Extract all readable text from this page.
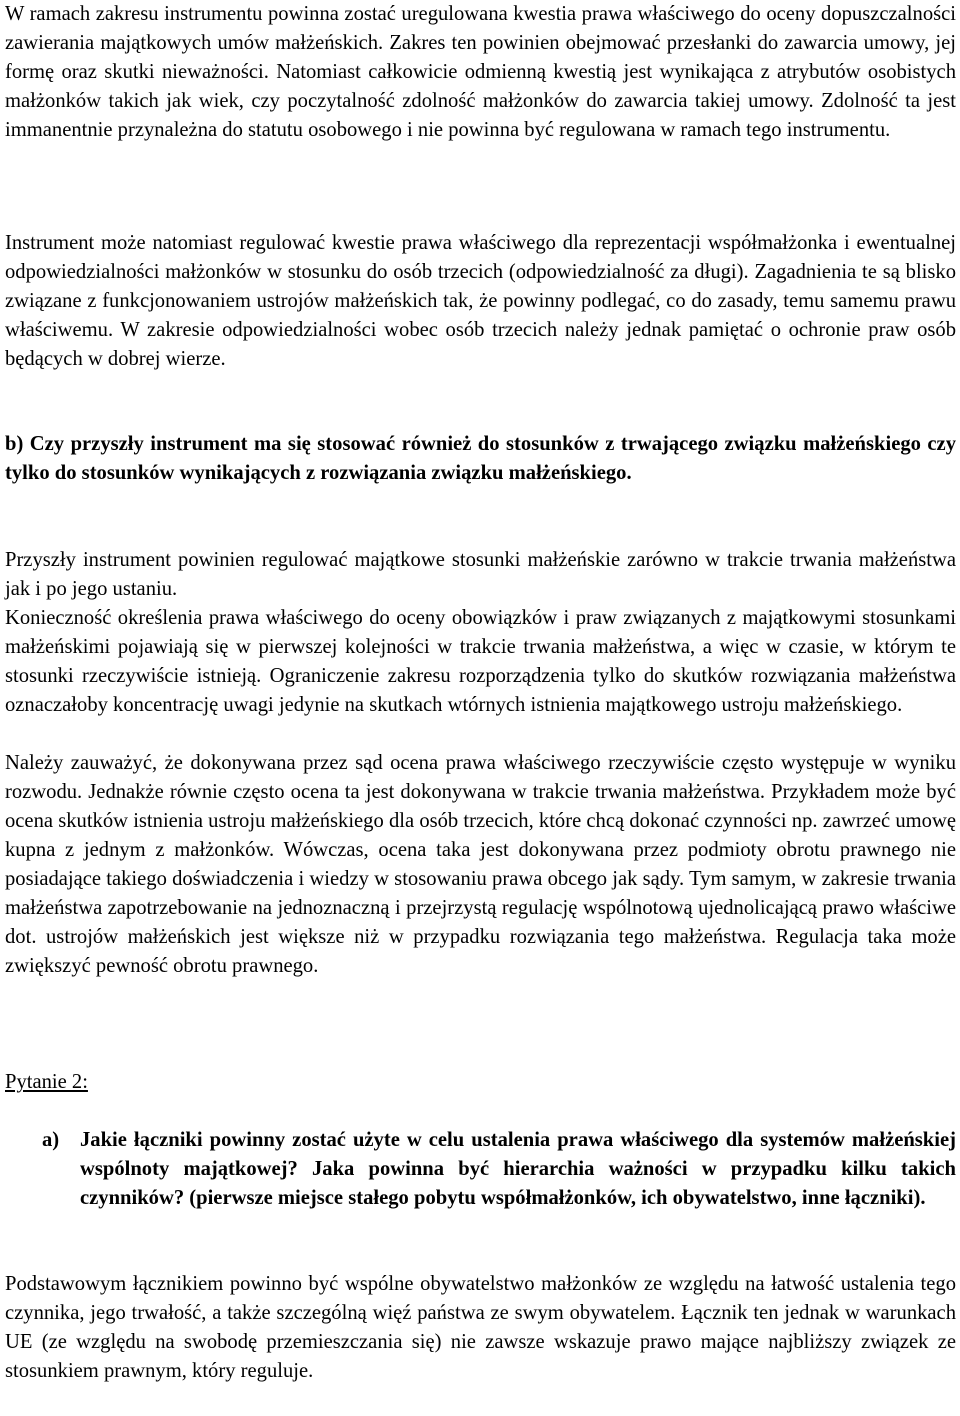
W ramach zakresu instrumentu powinna zostać uregulowana kwestia prawa właściwego do oceny dopuszczalności zawierania majątkowych umów małżeńskich. Zakres ten powinien obejmować przesłanki do zawarcia umowy, jej formę oraz skutki nieważności. Natomiast całkowicie odmienną kwestią jest wynikająca z atrybutów osobistych małżonków takich jak wiek, czy poczytalność zdolność małżonków do zawarcia takiej umowy. Zdolność ta jest immanentnie przynależna do statutu osobowego i nie powinna być regulowana w ramach tego instrumentu.

Instrument może natomiast regulować kwestie prawa właściwego dla reprezentacji współmałżonka i ewentualnej odpowiedzialności małżonków w stosunku do osób trzecich (odpowiedzialność za długi). Zagadnienia te są blisko związane z funkcjonowaniem ustrojów małżeńskich tak, że powinny podlegać, co do zasady, temu samemu prawu właściwemu. W zakresie odpowiedzialności wobec osób trzecich należy jednak pamiętać o ochronie praw osób będących w dobrej wierze.

b) Czy przyszły instrument ma się stosować również do stosunków z trwającego związku małżeńskiego czy tylko do stosunków wynikających z rozwiązania związku małżeńskiego.

Przyszły instrument powinien regulować majątkowe stosunki małżeńskie zarówno w trakcie trwania małżeństwa jak i po jego ustaniu.

Konieczność określenia prawa właściwego do oceny obowiązków i praw związanych z majątkowymi stosunkami małżeńskimi pojawiają się w pierwszej kolejności w trakcie trwania małżeństwa, a więc w czasie, w którym te stosunki rzeczywiście istnieją. Ograniczenie zakresu rozporządzenia tylko do skutków rozwiązania małżeństwa oznaczałoby koncentrację uwagi jedynie na skutkach wtórnych istnienia majątkowego ustroju małżeńskiego.

Należy zauważyć, że dokonywana przez sąd ocena prawa właściwego rzeczywiście często występuje w wyniku rozwodu. Jednakże równie często ocena ta jest dokonywana w trakcie trwania małżeństwa. Przykładem może być ocena skutków istnienia ustroju małżeńskiego dla osób trzecich, które chcą dokonać czynności np. zawrzeć umowę kupna z jednym z małżonków. Wówczas, ocena taka jest dokonywana przez podmioty obrotu prawnego nie posiadające takiego doświadczenia i wiedzy w stosowaniu prawa obcego jak sądy. Tym samym, w zakresie trwania małżeństwa zapotrzebowanie na jednoznaczną i przejrzystą regulację wspólnotową ujednolicającą prawo właściwe dot. ustrojów małżeńskich jest większe niż w przypadku rozwiązania tego małżeństwa. Regulacja taka może zwiększyć pewność obrotu prawnego.

Pytanie 2:
a) Jakie łączniki powinny zostać użyte w celu ustalenia prawa właściwego dla systemów małżeńskiej wspólnoty majątkowej? Jaka powinna być hierarchia ważności w przypadku kilku takich czynników? (pierwsze miejsce stałego pobytu współmałżonków, ich obywatelstwo, inne łączniki).

Podstawowym łącznikiem powinno być wspólne obywatelstwo małżonków ze względu na łatwość ustalenia tego czynnika, jego trwałość, a także szczególną więź państwa ze swym obywatelem. Łącznik ten jednak w warunkach UE (ze względu na swobodę przemieszczania się) nie zawsze wskazuje prawo mające najbliższy związek ze stosunkiem prawnym, który reguluje.
